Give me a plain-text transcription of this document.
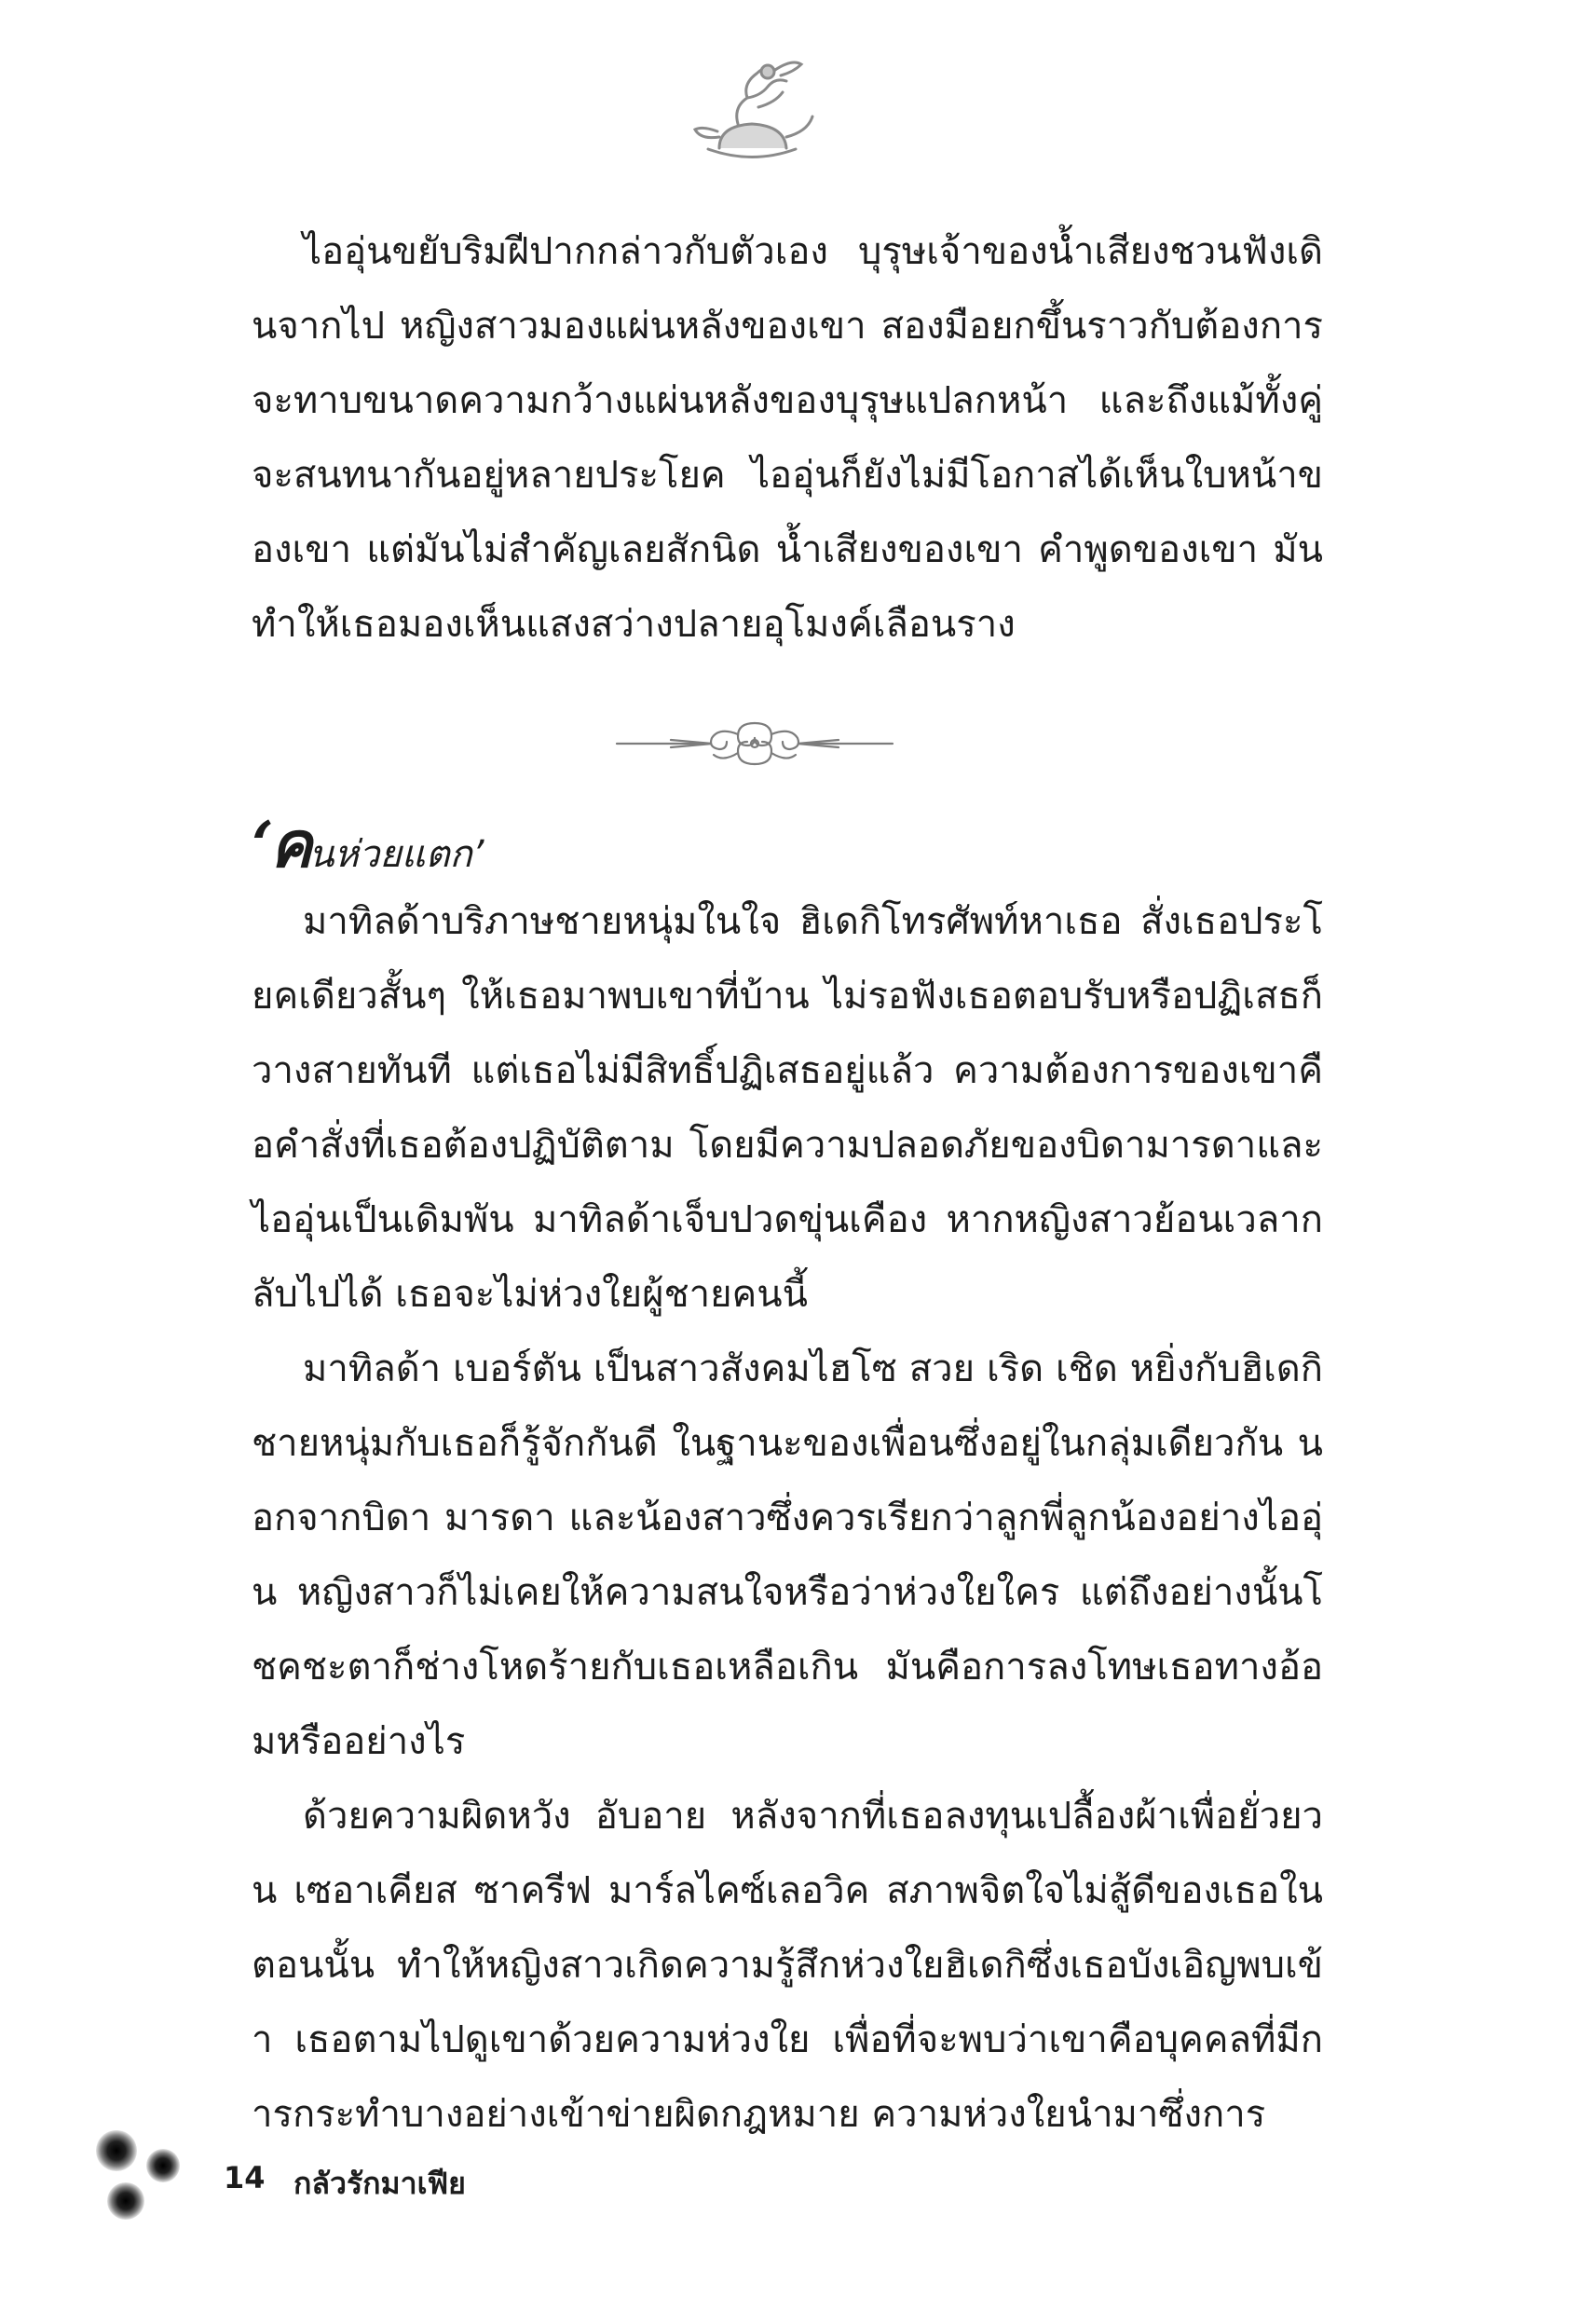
ไออุ่นขยับริมฝีปากกล่าวกับตัวเอง บุรุษเจ้าของน้ำเสียงชวนฟังเดินจากไป หญิงสาวมองแผ่นหลังของเขา สองมือยกขึ้นราวกับต้องการจะทาบขนาดความกว้างแผ่นหลังของบุรุษแปลกหน้า และถึงแม้ทั้งคู่จะสนทนากันอยู่หลายประโยค ไออุ่นก็ยังไม่มีโอกาสได้เห็นใบหน้าของเขา แต่มันไม่สำคัญเลยสักนิด น้ำเสียงของเขา คำพูดของเขา มันทำให้เธอมองเห็นแสงสว่างปลายอุโมงค์เลือนราง

‘คนห่วยแตก’

มาทิลด้าบริภาษชายหนุ่มในใจ ฮิเดกิโทรศัพท์หาเธอ สั่งเธอประโยคเดียวสั้นๆ ให้เธอมาพบเขาที่บ้าน ไม่รอฟังเธอตอบรับหรือปฏิเสธก็วางสายทันที แต่เธอไม่มีสิทธิ์ปฏิเสธอยู่แล้ว ความต้องการของเขาคือคำสั่งที่เธอต้องปฏิบัติตาม โดยมีความปลอดภัยของบิดามารดาและไออุ่นเป็นเดิมพัน มาทิลด้าเจ็บปวดขุ่นเคือง หากหญิงสาวย้อนเวลากลับไปได้ เธอจะไม่ห่วงใยผู้ชายคนนี้

มาทิลด้า เบอร์ตัน เป็นสาวสังคมไฮโซ สวย เริด เชิด หยิ่งกับฮิเดกิ ชายหนุ่มกับเธอก็รู้จักกันดี ในฐานะของเพื่อนซึ่งอยู่ในกลุ่มเดียวกัน นอกจากบิดา มารดา และน้องสาวซึ่งควรเรียกว่าลูกพี่ลูกน้องอย่างไออุ่น หญิงสาวก็ไม่เคยให้ความสนใจหรือว่าห่วงใยใคร แต่ถึงอย่างนั้นโชคชะตาก็ช่างโหดร้ายกับเธอเหลือเกิน มันคือการลงโทษเธอทางอ้อมหรืออย่างไร

ด้วยความผิดหวัง อับอาย หลังจากที่เธอลงทุนเปลื้องผ้าเพื่อยั่วยวน เซอาเคียส ซาครีฟ มาร์ลไคซ์เลอวิค สภาพจิตใจไม่สู้ดีของเธอในตอนนั้น ทำให้หญิงสาวเกิดความรู้สึกห่วงใยฮิเดกิซึ่งเธอบังเอิญพบเข้า เธอตามไปดูเขาด้วยความห่วงใย เพื่อที่จะพบว่าเขาคือบุคคลที่มีการกระทำบางอย่างเข้าข่ายผิดกฎหมาย ความห่วงใยนำมาซึ่งการ

14 กลัวรักมาเฟีย
